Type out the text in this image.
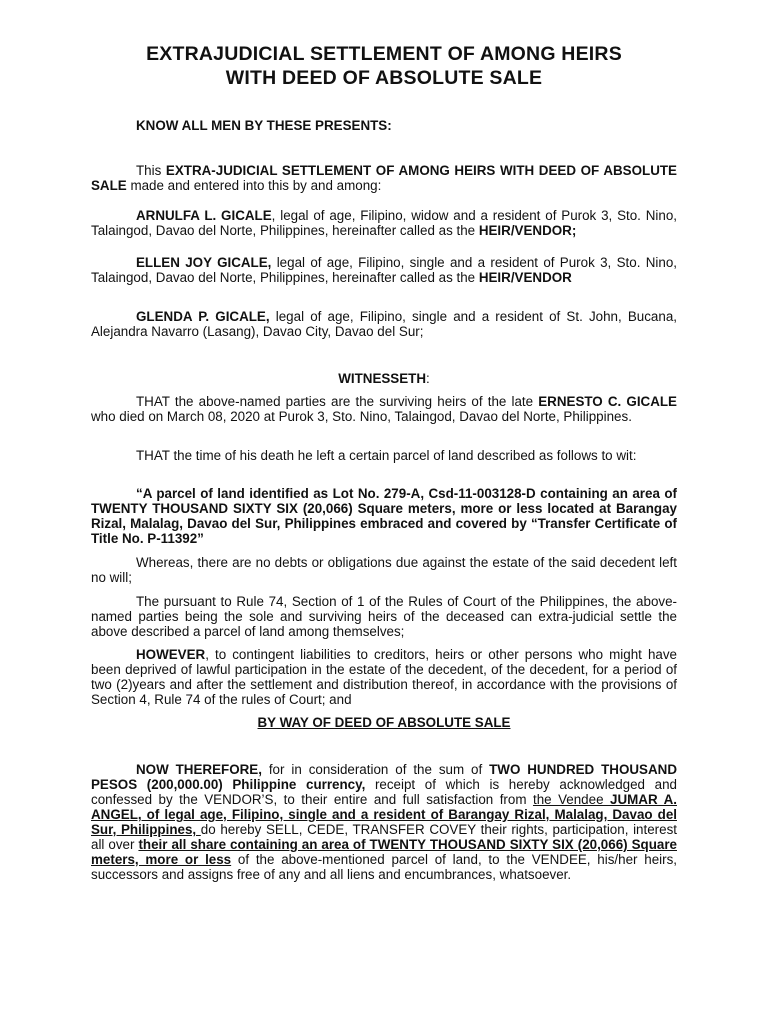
EXTRAJUDICIAL SETTLEMENT OF AMONG HEIRS
WITH DEED OF ABSOLUTE SALE

KNOW ALL MEN BY THESE PRESENTS:

This EXTRA-JUDICIAL SETTLEMENT OF AMONG HEIRS WITH DEED OF ABSOLUTE SALE made and entered into this by and among:

ARNULFA L. GICALE, legal of age, Filipino, widow and a resident of Purok 3, Sto. Nino, Talaingod, Davao del Norte, Philippines, hereinafter called as the HEIR/VENDOR;

ELLEN JOY GICALE, legal of age, Filipino, single and a resident of Purok 3, Sto. Nino, Talaingod, Davao del Norte, Philippines, hereinafter called as the HEIR/VENDOR

GLENDA P. GICALE, legal of age, Filipino, single and a resident of St. John, Bucana, Alejandra Navarro (Lasang), Davao City, Davao del Sur;

WITNESSETH:

THAT the above-named parties are the surviving heirs of the late ERNESTO C. GICALE who died on March 08, 2020 at Purok 3, Sto. Nino, Talaingod, Davao del Norte, Philippines.

THAT the time of his death he left a certain parcel of land described as follows to wit:

“A parcel of land identified as Lot No. 279-A, Csd-11-003128-D containing an area of TWENTY THOUSAND SIXTY SIX (20,066) Square meters, more or less located at Barangay Rizal, Malalag, Davao del Sur, Philippines embraced and covered by “Transfer Certificate of Title No. P-11392”

Whereas, there are no debts or obligations due against the estate of the said decedent left no will;

The pursuant to Rule 74, Section of 1 of the Rules of Court of the Philippines, the above-named parties being the sole and surviving heirs of the deceased can extra-judicial settle the above described a parcel of land among themselves;

HOWEVER, to contingent liabilities to creditors, heirs or other persons who might have been deprived of lawful participation in the estate of the decedent, of the decedent, for a period of two (2)years and after the settlement and distribution thereof, in accordance with the provisions of Section 4, Rule 74 of the rules of Court; and

BY WAY OF DEED OF ABSOLUTE SALE

NOW THEREFORE, for in consideration of the sum of TWO HUNDRED THOUSAND PESOS (200,000.00) Philippine currency, receipt of which is hereby acknowledged and confessed by the VENDOR’S, to their entire and full satisfaction from the Vendee JUMAR A. ANGEL, of legal age, Filipino, single and a resident of Barangay Rizal, Malalag, Davao del Sur, Philippines, do hereby SELL, CEDE, TRANSFER COVEY their rights, participation, interest all over their all share containing an area of TWENTY THOUSAND SIXTY SIX (20,066) Square meters, more or less of the above-mentioned parcel of land, to the VENDEE, his/her heirs, successors and assigns free of any and all liens and encumbrances, whatsoever.
